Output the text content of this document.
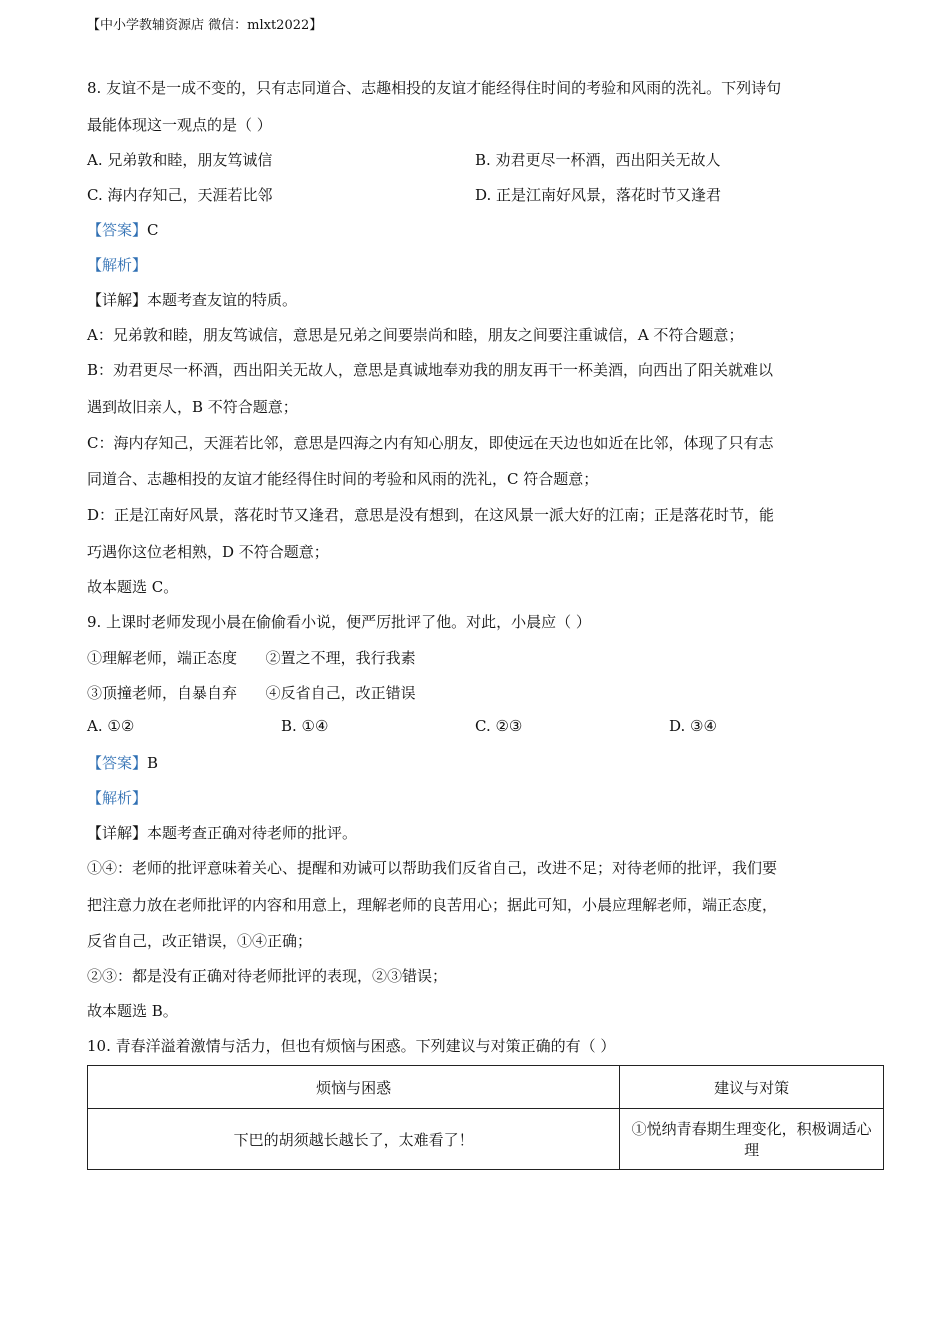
【中小学教辅资源店 微信：mlxt2022】
8. 友谊不是一成不变的，只有志同道合、志趣相投的友谊才能经得住时间的考验和风雨的洗礼。下列诗句
最能体现这一观点的是（ ）
A. 兄弟敦和睦，朋友笃诚信	B. 劝君更尽一杯酒，西出阳关无故人
C. 海内存知己，天涯若比邻	D. 正是江南好风景，落花时节又逢君
【答案】C
【解析】
【详解】本题考查友谊的特质。
A：兄弟敦和睦，朋友笃诚信，意思是兄弟之间要崇尚和睦，朋友之间要注重诚信，A 不符合题意；
B：劝君更尽一杯酒，西出阳关无故人，意思是真诚地奉劝我的朋友再干一杯美酒，向西出了阳关就难以
遇到故旧亲人，B 不符合题意；
C：海内存知己，天涯若比邻，意思是四海之内有知心朋友，即使远在天边也如近在比邻，体现了只有志
同道合、志趣相投的友谊才能经得住时间的考验和风雨的洗礼，C 符合题意；
D：正是江南好风景，落花时节又逢君，意思是没有想到，在这风景一派大好的江南；正是落花时节，能
巧遇你这位老相熟，D 不符合题意；
故本题选 C。
9. 上课时老师发现小晨在偷偷看小说，便严厉批评了他。对此，小晨应（ ）
①理解老师，端正态度      ②置之不理，我行我素
③顶撞老师，自暴自弃      ④反省自己，改正错误
A. ①②	B. ①④	C. ②③	D. ③④
【答案】B
【解析】
【详解】本题考查正确对待老师的批评。
①④：老师的批评意味着关心、提醒和劝诫可以帮助我们反省自己，改进不足；对待老师的批评，我们要
把注意力放在老师批评的内容和用意上，理解老师的良苦用心；据此可知，小晨应理解老师，端正态度，
反省自己，改正错误，①④正确；
②③：都是没有正确对待老师批评的表现，②③错误；
故本题选 B。
10. 青春洋溢着激情与活力，但也有烦恼与困惑。下列建议与对策正确的有（ ）
烦恼与困惑	建议与对策
下巴的胡须越长越长了，太难看了！	①悦纳青春期生理变化，积极调适心理
